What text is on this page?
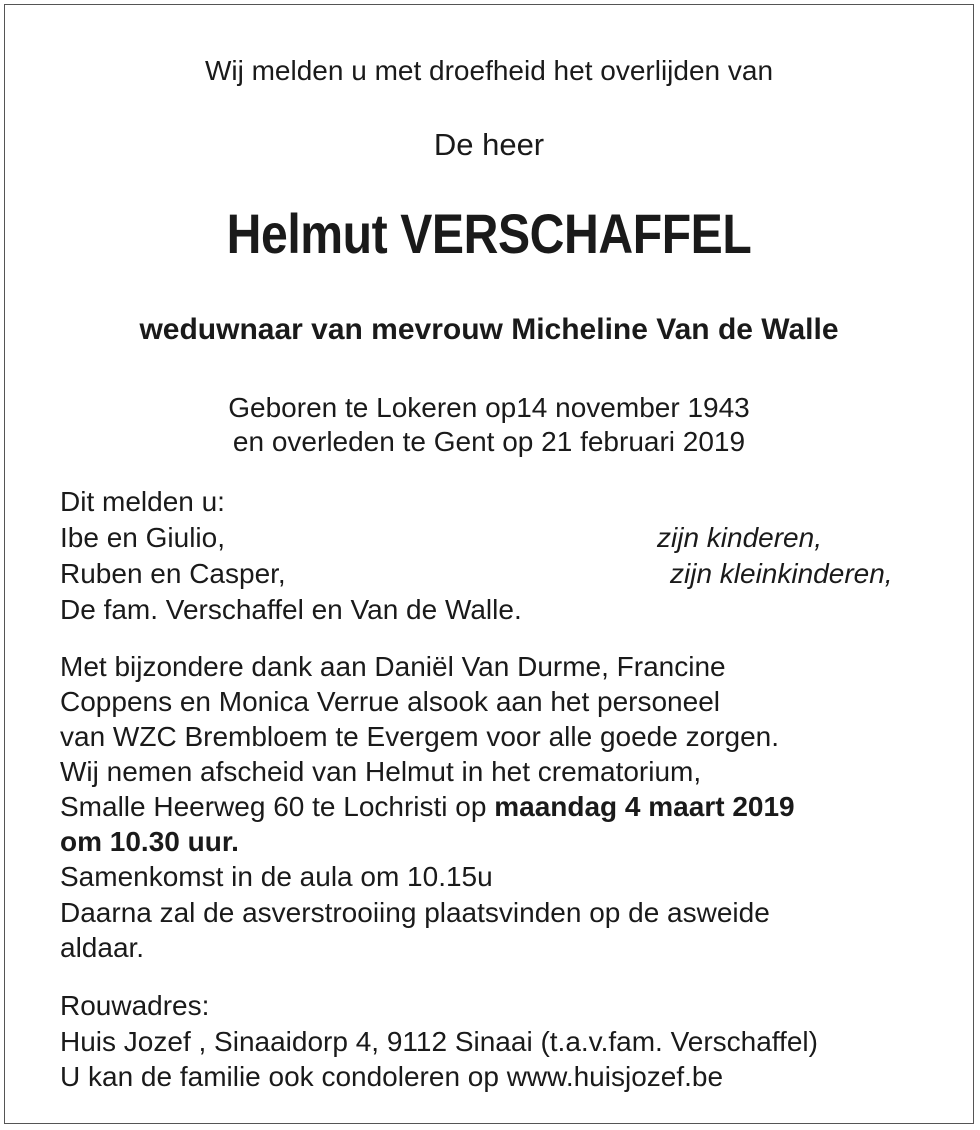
Wij melden u met droefheid het overlijden van
De heer
Helmut VERSCHAFFEL
weduwnaar van mevrouw Micheline Van de Walle
Geboren te Lokeren op14 november 1943
en overleden te Gent op 21 februari 2019
Dit melden u:
Ibe en Giulio,	zijn kinderen,
Ruben en Casper,	zijn kleinkinderen,
De fam. Verschaffel en Van de Walle.
Met bijzondere dank aan Daniël Van Durme, Francine
Coppens en Monica Verrue alsook aan het personeel
van WZC Brembloem te Evergem voor alle goede zorgen.
Wij nemen afscheid van Helmut in het crematorium,
Smalle Heerweg 60 te Lochristi op maandag 4 maart 2019
om 10.30 uur.
Samenkomst in de aula om 10.15u
Daarna zal de asverstrooiing plaatsvinden op de asweide
aldaar.
Rouwadres:
Huis Jozef , Sinaaidorp 4, 9112 Sinaai (t.a.v.fam. Verschaffel)
U kan de familie ook condoleren op www.huisjozef.be
